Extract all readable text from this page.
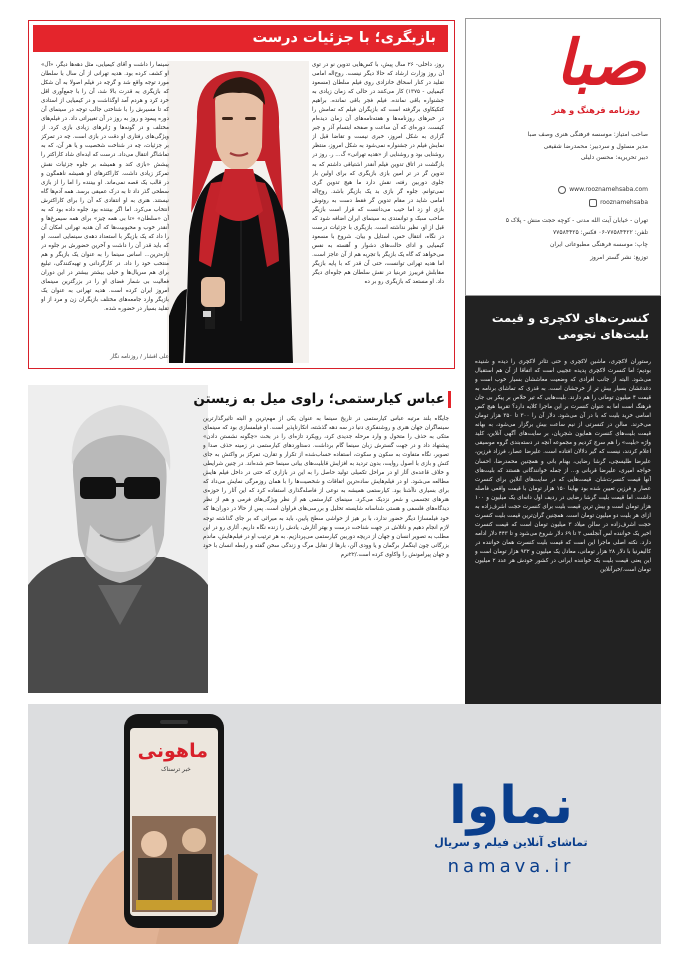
صبا
روزنامه فرهنگ و هنر
صاحب امتیاز: موسسه فرهنگی هنری وصف صبا
مدیر مسئول و سردبیر: محمدرضا شفیعی
دبیر تحریریه: محسن دلیلی
www.rooznamehsaba.com
rooznamehsaba
تهران - خیابان آیت الله مدنی - کوچه حجت منش - پلاک ۵
تلفن: ۷۷۵۸۴۴۲۲-۰۶ فکس: ۷۷۵۸۴۴۲۵
چاپ: موسسه فرهنگی مطبوعاتی ایران
توزیع: نشر گستر امروز
کنسرت‌های لاکچری و قیمت بلیت‌های نجومی
رستوران لاکچری، ماشین لاکچری و حتی تئاتر لاکچری را دیده و شنیده بودیم؛ اما کنسرت لاکچری پدیده عجیبی است که اتفاقا از آن هم استقبال می‌شود. البته از جانب افرادی که وضعیت معاششان بسیار خوب است و دغدغشان بسیار بیش تر از خرجشان است. به قدری که تماشای برنامه به قیمت ۴ میلیون تومانی را هم دارند. بلیت‌هایی که تیر خلاص بر پیکر بی جان فرهنگ است اما به عنوان کنسرت بر این ماجرا کلایه دارد؟ تقریبا هیچ کس اسامی خرید بلیت که با در آن می‌شود. دلار آن را ۳۰۰ تا ۳۵۰ هزار تومان می‌خرند. سالن در کنسرتی از نیم ساعت بیش برگزار می‌شود، به بهانه قیمت بلیت‌های کنسرت همایون شجریان، بر سایت‌های آگهی آنلاین، کلید واژه «بلیت» را هم سرچ کردیم و مجموعه آنچه در دسته‌بندی گروه موسیقی اعلام کردند، نیست که گیر دلالان افتاده است. علیرضا عصار، فرزاد فرزین، علیرضا طلیسچی، گرشا رضایی، بهنام بانی و همچنین محمدرضا، احسان خواجه امیری، علیرضا قربانی و... از جمله خوانندگانی هستند که بلیت‌های آنها قیمت کنسرت‌شان. قیمت‌هایی که در سایت‌های آنلاین برای کنسرت عصار و فرزین تعیین شده بود بهاینا ۱۵۰ هزار تومان با قیمت واقعی فاصله داشت. اما قیمت بلیت گرشا رضایی در ردیف اول دانه‌ای یک میلیون و ۱۰۰ هزار تومان است و بیش ترین قیمت بلیت برای کنسرت حجت اشرف‌زاده به ازای هر بلیت دو میلیون تومان است. همچنین گران‌ترین قیمت بلیت کنسرت حجت اشرف‌زاده در سالن میلاد ۳ میلیون تومان است که قیمت کنسرت اخیر یک خواننده لس آنجلسی ۳ تا ۶۹ دلار شروع می‌شود و تا ۴۴۳ دلار ادامه دارد. نکته اصلی ماجرا این است که قیمت بلیت کنسرت همان خواننده در کالیفرنیا با دلار ۲۸ هزار تومانی، معادل یک میلیون و ۹۳۲ هزار تومان است و این یعنی قیمت بلیت یک خواننده ایرانی در کشور خودش هر عدد ۲ میلیون تومان است./خبرآنلاین
بازیگری؛ با جزئیات درست
روز، داخلی- ۲۶ سال پیش، با کس‌هایی تدوین نو در توی آن روز وزارت ارشاد که حالا دیگر نیست. روح‌اله امامی تقلید در کنار اسحاق خانزادی روی فیلم سلطان (مسعود کیمیایی - ۱۳۷۵) کار می‌کنند در حالی که زمان زیادی به جشنواره باقی نمانده. فیلم فجر باقی نمانده. براهیم کتکیکاوی برگرفته است که بازیگران فیلم که تمامش را در خبرهای روزنامه‌ها و هفته‌نامه‌های آن زمان دیده‌ام کیست. دوره‌ای که آن ساعت و صفحه ابتسام آذر و جبر گزاری به شکل امروز، خبری نیست و تقاضا قبل از نمایش فیلم در جشنواره نمی‌شود به شکل امروز، منتظر روشنایی بود و روشنایی از «هدیه تهرانی» گ... ر. روز در بازگشت در اتاق تدوین فیلم آنقدر اشتیاقی داشتم که به تدوین گر در تر امین بازی بازیگری که برای اولین بار جلوی دوربین رفته، نقش دارد ما هیچ تدوین گری نمی‌توانم. جلوه گر بازی بد یک بازیگر باشد. روح‌اله امامی شاید در مقام تدوین گر فقط دست به روتوش بازی او زد اما حیب می‌دانست که قرار است بازیگر صاحب سبک و توانمندی به سینمای ایران اضافه شود که قبل از او، نظیر نداشته است. بازیگری با جزئیات درست در نگاه، انتقال حس، استایل و بیان. شروع با مسعود کیمیایی و ادای حالت‌های دشوار و آهسته به نفس می‌خواهد که گاه یک بازیگر با تجربه هم از آن عاجز است. اما هدیه تهرانی توانست، حتی آن قدر که با پایه بازیگر مقابلش فریبرز عربنیا در نقش سلطان هم جلوه‌ای دیگر داد. او مستعد که بازیگری رو بر ده
سینما را داشت و آقای کیمیایی، مثل دهه‌ها دیگر، «آل» او کشف کرده بود. هدیه تهرانی از آن سال با سلطان مورد توجه واقع شد و گرچه در فیلم اصولا به آن شکل که بازیگری به قدرت بالا شد، آن را با جمع‌آوری اقل خرد کرد و هردم آمد اوگذاشت و در کیمیایی از استادی که تا مسیرش را با شناختی جالب توجه در سینمای آن دوره پیمود و روز به روز در آن تغییراتی داد. در فیلم‌های مختلف و در گونه‌ها و ژانرهای زیادی بازی کرد. از ویژگی‌های رفتاری او دقت در بازی است. چه در تمرکز بر جزئیات، چه در شناخت شخصیت و یا هر آن، که به تماشاگر انتقال می‌داد. درست که ایده‌ای شاد کاراکتر را پیشش «بازی کند و همیشه بر جلوه جزئیات نقش تمرکز زیادی داشت. کاراکترهای او همیشه ناهمگون و در قالب یک قصه نمی‌ماند. او بیننده را اما را از بازی سطحی گذر داد تا به درک عمیقی برسد. همه آدم‌ها گاه نیستند. هنری به او انتقادی که آن را برای کاراکترش انتخاب می‌کرد. اما اگر بیننده بود جلوه داده بود که به آن «سلطان» «تا بی همه چیز» برای همه سیمرغ‌ها و آنقدر خوب و محبوبیت‌ها که آن هدیه تهرانی امکان آن را داد که یک بازیگر با استعداد دهه‌ی سینمایی است. او که باید قدر آن را داشت و آخرین حضورش بر جلوه در تازه‌ترین... اساس سینما را به عنوان یک بازیگر و هم منتخب خود را داد. در کارگردانی و تهیه‌کنندگی، تبلیغ برای هم سریال‌ها و خیلی بیشتر بیشتر در این دوران فعالیت بی شمار فضای او را در بزرگترین سینمای امروز ایران کرده است. هدیه تهرانی به عنوان یک بازیگر وارد جامعه‌های مختلف بازیگران زن و مرد از او تقلید بسیار در حضوره شده.
علی افشار / روزنامه نگار
عباس کیارستمی؛ راوی میل به زیستن
جایگاه بلند مرتبه عباس کیارستمی در تاریخ سینما به عنوان یکی از مهم‌ترین و البته تأثیرگذارترین سینماگران جهان هنری و روشنفکری دنیا در سه دهه گذشته، انکارناپذیر است. او فیلمسازی بود که سینمای متکی به حذف را متحول و وارد مرحله جدیدی کرد، رویکرد تازه‌ای را در بحث «چگونه نشستن دادن» پیشنهاد داد و در جهت گسترش زبان سینما گام برداشت. دستاوردهای کیارستمی در زمینه حذف صدا و تصویر، نگاه متفاوت به سکون و سکوت، استفاده حساب‌شده از تکرار و تقارن، تمرکز بر واکنش به جای کنش و بازی با اصول روایت، بدون تردید به افزایش قابلیت‌های بیانی سینما ختم شده‌اند. در چنین شرایطی و خلاف قاعده‌ی آثار او در مراحل تکمیلی تولید حاصل را به این در بازاری که حتی در داخل فیلم هایش مطالعه می‌شود. او در فیلم‌هایش ساده‌ترین اتفاقات و شخصیت‌ها را با همان روزمرگی نمایش می‌داد که برای بسیاری ناآشنا بود. کیارستمی همیشه به نوعی از فاصله‌گذاری استفاده کرد که این آثار را حوزه‌ی هنرهای تجسمی و شعر نزدیک می‌کرد. سینمای کیارستمی هم از نظر ویژگی‌های فرمی و هم از نظر دیدگاه‌های فلسفی و هستی شناسانه شایسته تحلیل و بررسی‌های فراوان است. پس از حالا در دوران‌ها که خود فیلمسازا دیگر حضور ندارد، با بر هیز از حواشی سطح پایین، باید به میراثی که بر جای گذاشته توجه لازم انجام دهیم و ناتلاش در جهت شناخت درست و بهتر آثارش، یادش را زنده نگاه داریم. آثاری رو در این مطلب به تصویر انسان و جهان از دریچه دوربین کیارستمی می‌پردازیم. به هر ترتیب او در فیلم‌هایش، ماندم بزرگانی چون اینگمار برگمان و یا وودی آلن، بارها از تقابل مرگ و زندگی سخن گفته و رابطه انسان با خود و جهان پیرامونش را واکاوی کرده است./۲۲نرم
ماهونی
خبر ترسناک
نماوا
تماشای آنلاین فیلم و سریال
namava.ir
